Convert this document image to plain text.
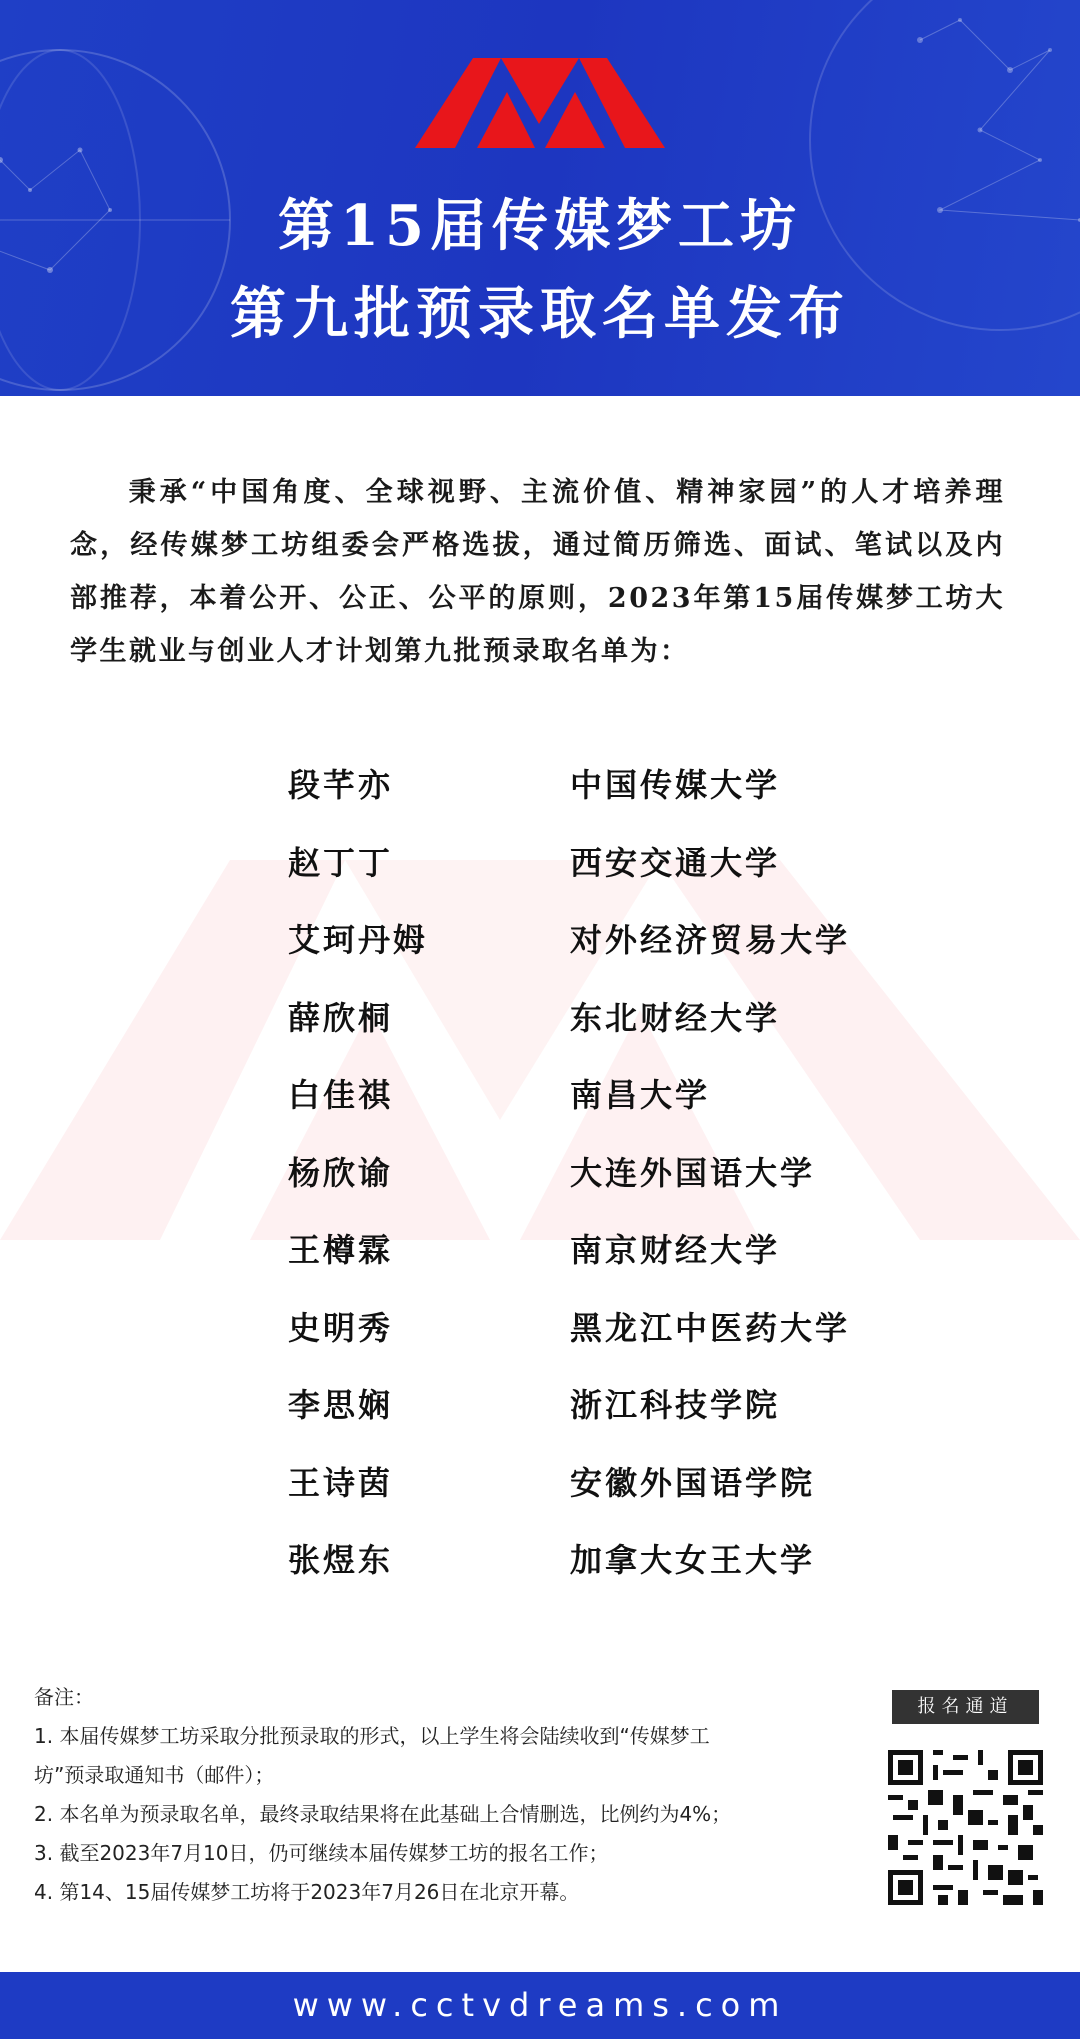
第15届传媒梦工坊
第九批预录取名单发布
秉承“中国角度、全球视野、主流价值、精神家园”的人才培养理念，经传媒梦工坊组委会严格选拔，通过简历筛选、面试、笔试以及内部推荐，本着公开、公正、公平的原则，2023年第15届传媒梦工坊大学生就业与创业人才计划第九批预录取名单为：
段芊亦	中国传媒大学
赵丁丁	西安交通大学
艾珂丹姆	对外经济贸易大学
薛欣桐	东北财经大学
白佳祺	南昌大学
杨欣谕	大连外国语大学
王樽霖	南京财经大学
史明秀	黑龙江中医药大学
李思娴	浙江科技学院
王诗茵	安徽外国语学院
张煜东	加拿大女王大学
备注：
1. 本届传媒梦工坊采取分批预录取的形式，以上学生将会陆续收到“传媒梦工
坊”预录取通知书（邮件）；
2. 本名单为预录取名单，最终录取结果将在此基础上合情删选，比例约为4%；
3. 截至2023年7月10日，仍可继续本届传媒梦工坊的报名工作；
4. 第14、15届传媒梦工坊将于2023年7月26日在北京开幕。
报名通道
www.cctvdreams.com
